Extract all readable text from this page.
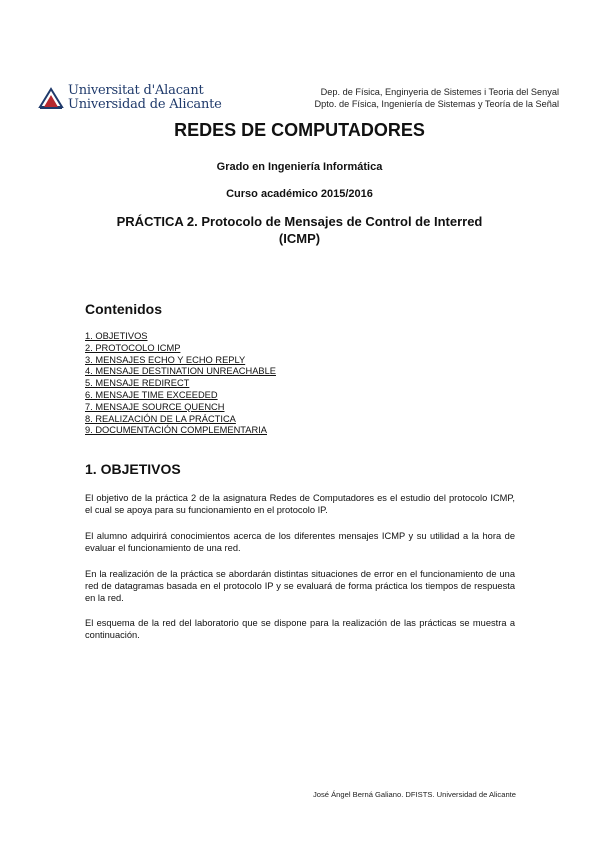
Universitat d'Alacant
Universidad de Alicante
Dep. de Física, Enginyeria de Sistemes i Teoria del Senyal
Dpto. de Física, Ingeniería de Sistemas y Teoría de la Señal
REDES DE COMPUTADORES
Grado en Ingeniería Informática
Curso académico 2015/2016
PRÁCTICA 2. Protocolo de Mensajes de Control de Interred
(ICMP)
Contenidos
1. OBJETIVOS
2. PROTOCOLO ICMP
3. MENSAJES ECHO Y ECHO REPLY
4. MENSAJE DESTINATION UNREACHABLE
5. MENSAJE REDIRECT
6. MENSAJE TIME EXCEEDED
7. MENSAJE SOURCE QUENCH
8. REALIZACIÓN DE LA PRÁCTICA
9. DOCUMENTACIÓN COMPLEMENTARIA
1. OBJETIVOS
El objetivo de la práctica 2 de la asignatura Redes de Computadores es el estudio del protocolo ICMP, el cual se apoya para su funcionamiento en el protocolo IP.
El alumno adquirirá conocimientos acerca de los diferentes mensajes ICMP y su utilidad a la hora de evaluar el funcionamiento de una red.
En la realización de la práctica se abordarán distintas situaciones de error en el funcionamiento de una red de datagramas basada en el protocolo IP y se evaluará de forma práctica los tiempos de respuesta en la red.
El esquema de la red del laboratorio que se dispone para la realización de las prácticas se muestra a continuación.
José Ángel Berná Galiano. DFISTS. Universidad de Alicante
